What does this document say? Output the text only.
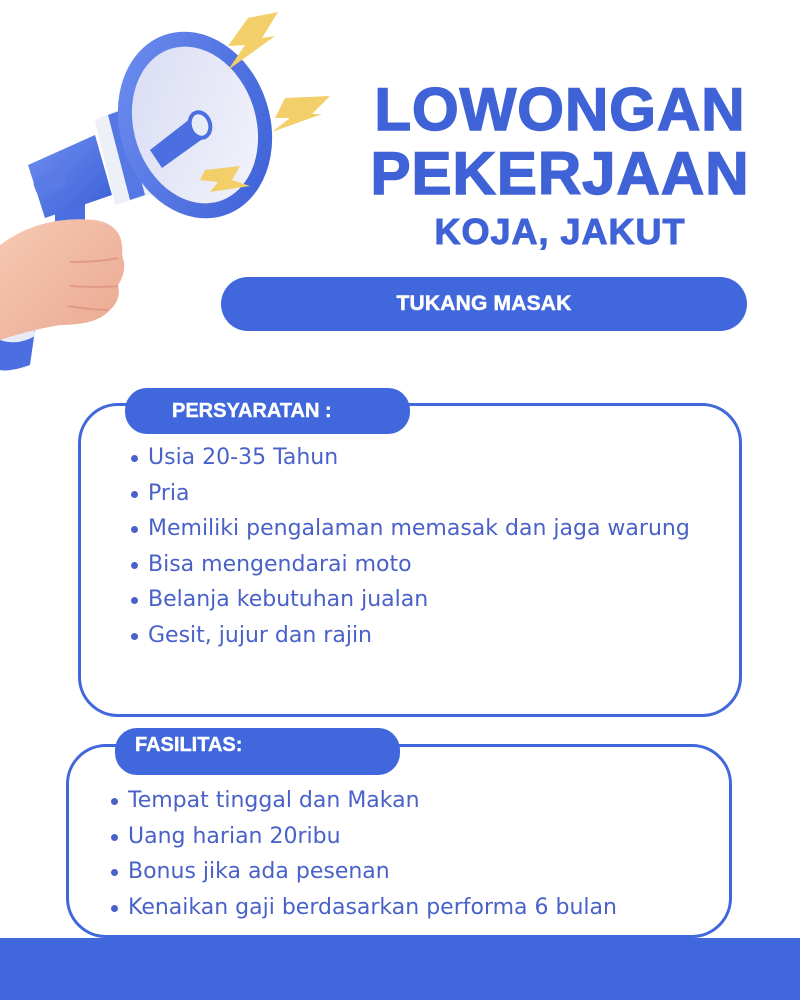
LOWONGAN
PEKERJAAN
KOJA, JAKUT
TUKANG MASAK
PERSYARATAN :
Usia 20-35 Tahun
Pria
Memiliki pengalaman memasak dan jaga warung
Bisa mengendarai moto
Belanja kebutuhan jualan
Gesit, jujur dan rajin
FASILITAS:
Tempat tinggal dan Makan
Uang harian 20ribu
Bonus jika ada pesenan
Kenaikan gaji berdasarkan performa 6 bulan
